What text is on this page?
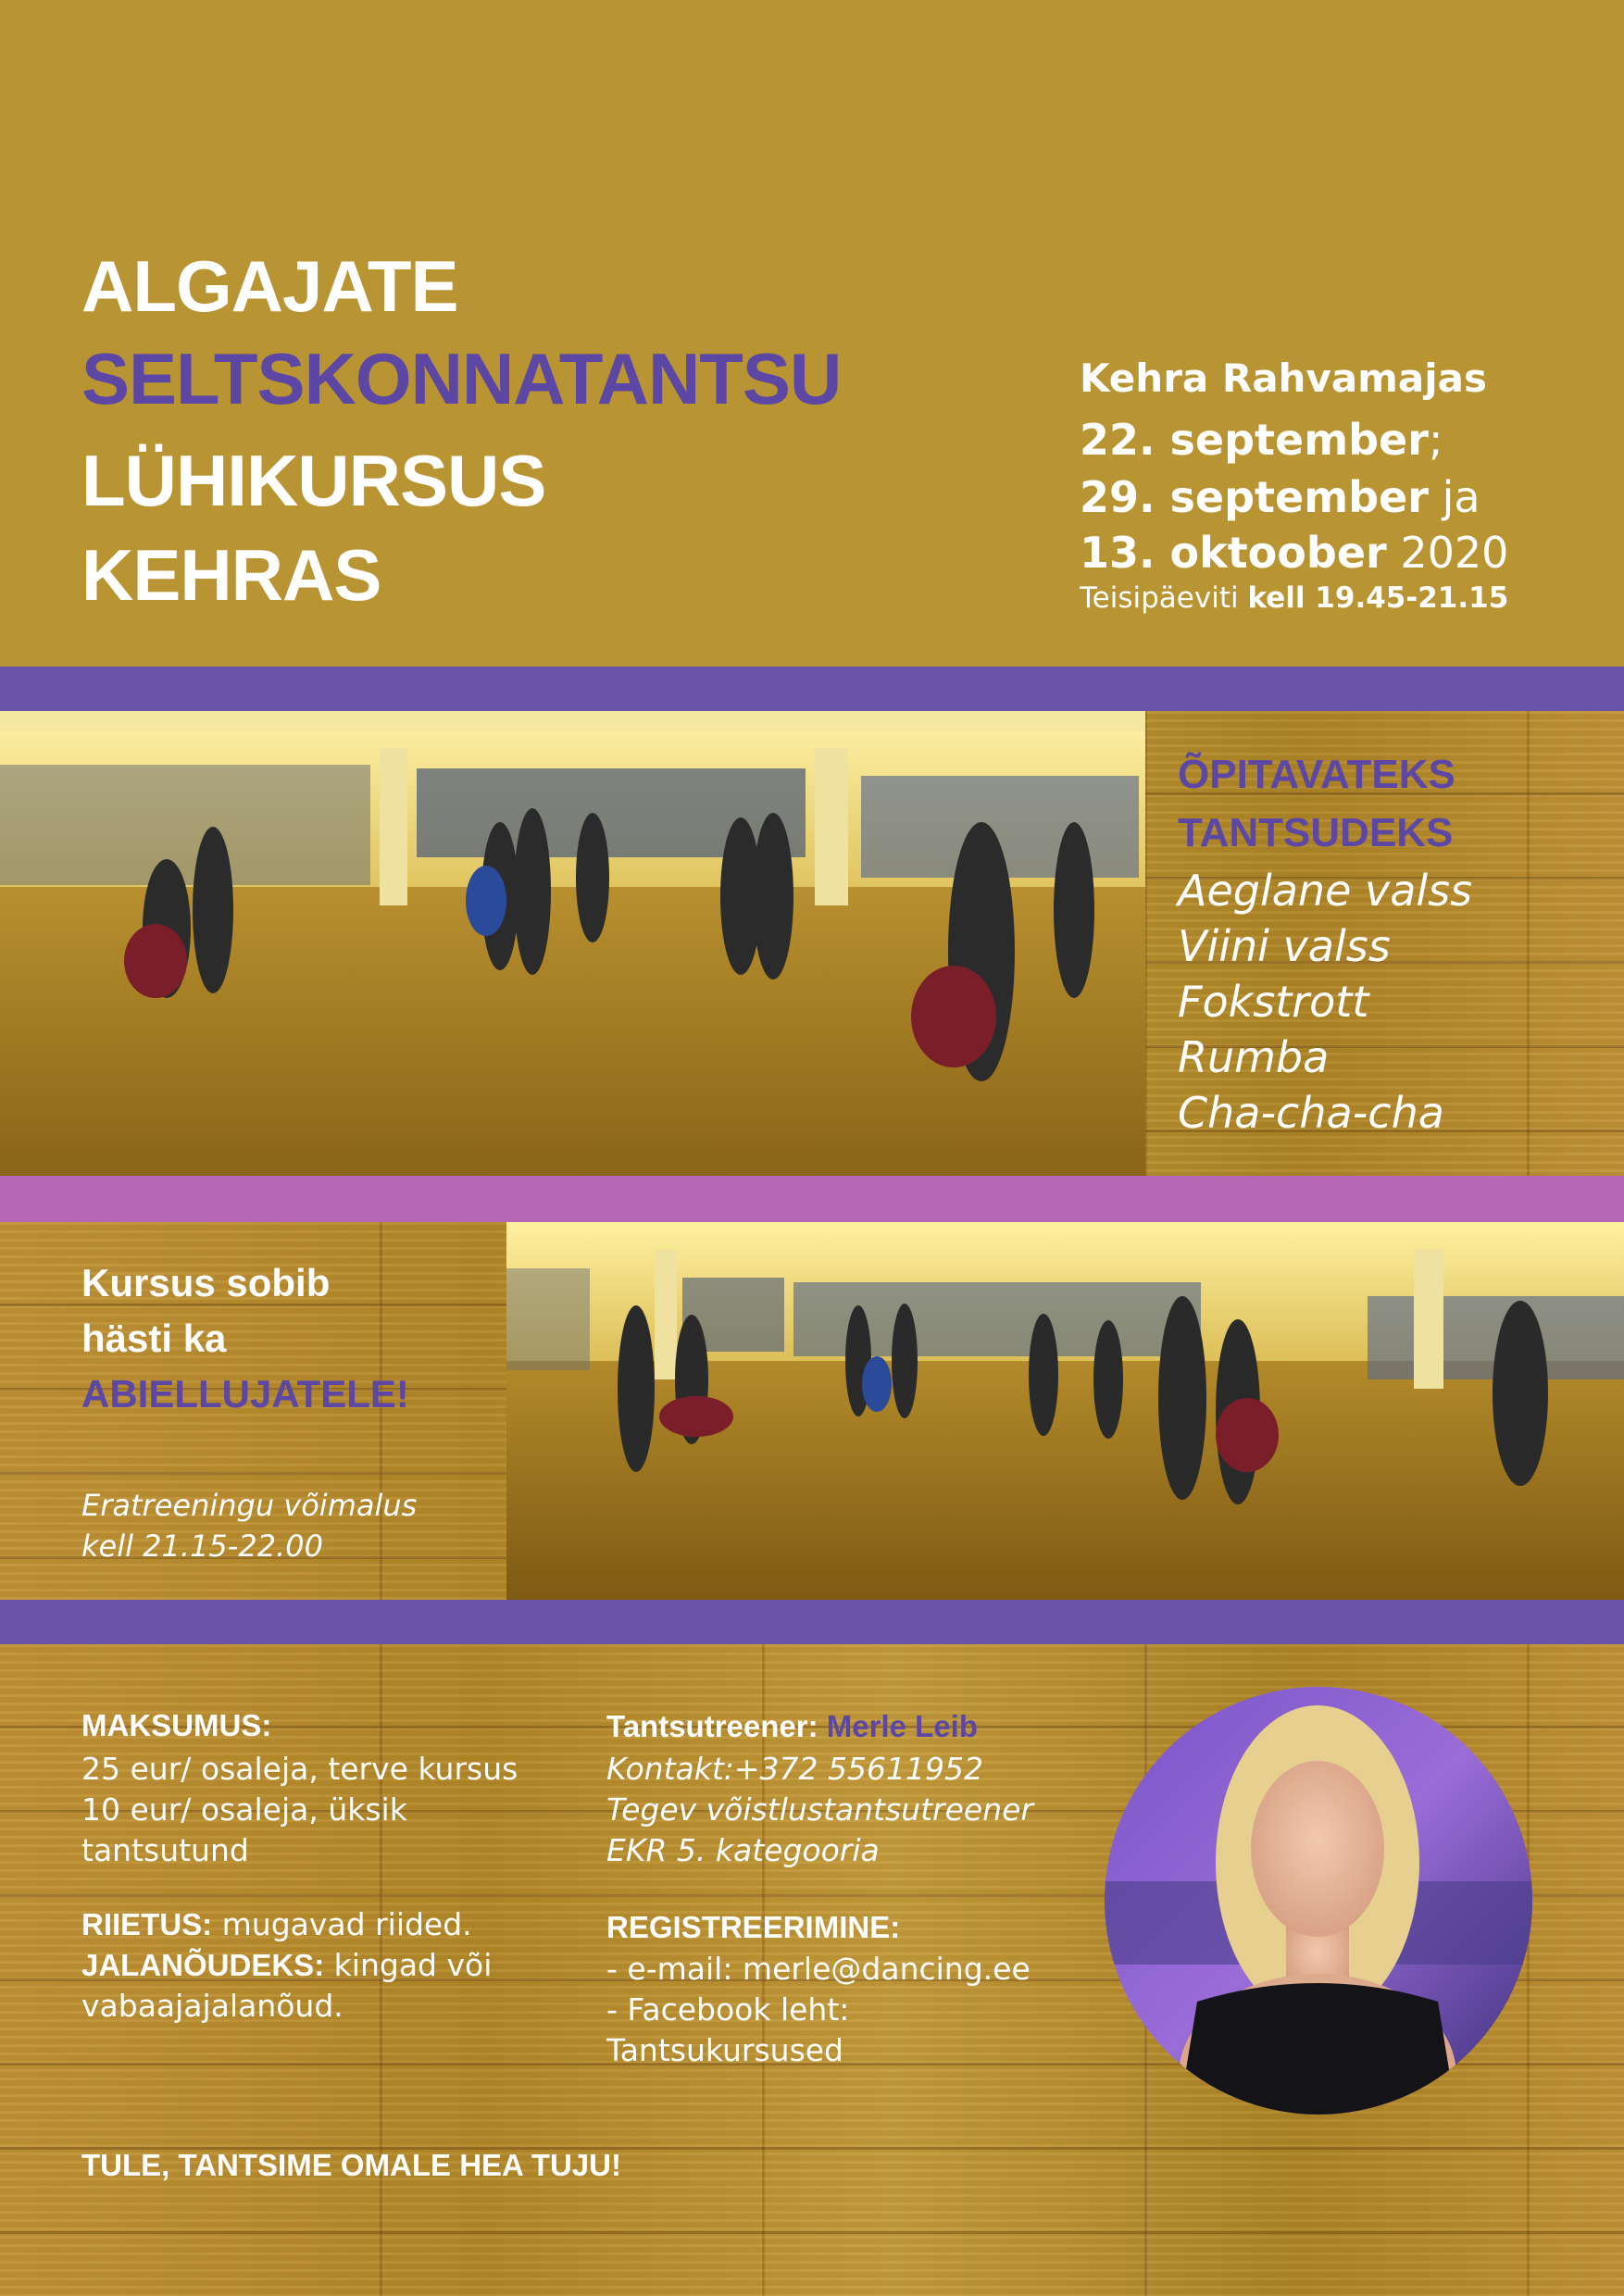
ALGAJATE
SELTSKONNATANTSU
LÜHIKURSUS
KEHRAS
Kehra Rahvamajas
22. september;
29. september ja
13. oktoober 2020
Teisipäeviti kell 19.45-21.15
ÕPITAVATEKS
TANTSUDEKS
Aeglane valss
Viini valss
Fokstrott
Rumba
Cha-cha-cha
Kursus sobib
hästi ka
ABIELLUJATELE!
Eratreeningu võimalus
kell 21.15-22.00
MAKSUMUS:
25 eur/ osaleja, terve kursus
10 eur/ osaleja, üksik
tantsutund
RIIETUS: mugavad riided.
JALANÕUDEKS: kingad või
vabaajajalanõud.
Tantsutreener: Merle Leib
Kontakt:+372 55611952
Tegev võistlustantsutreener
EKR 5. kategooria
REGISTREERIMINE:
- e-mail: merle@dancing.ee
- Facebook leht:
Tantsukursused
TULE, TANTSIME OMALE HEA TUJU!
